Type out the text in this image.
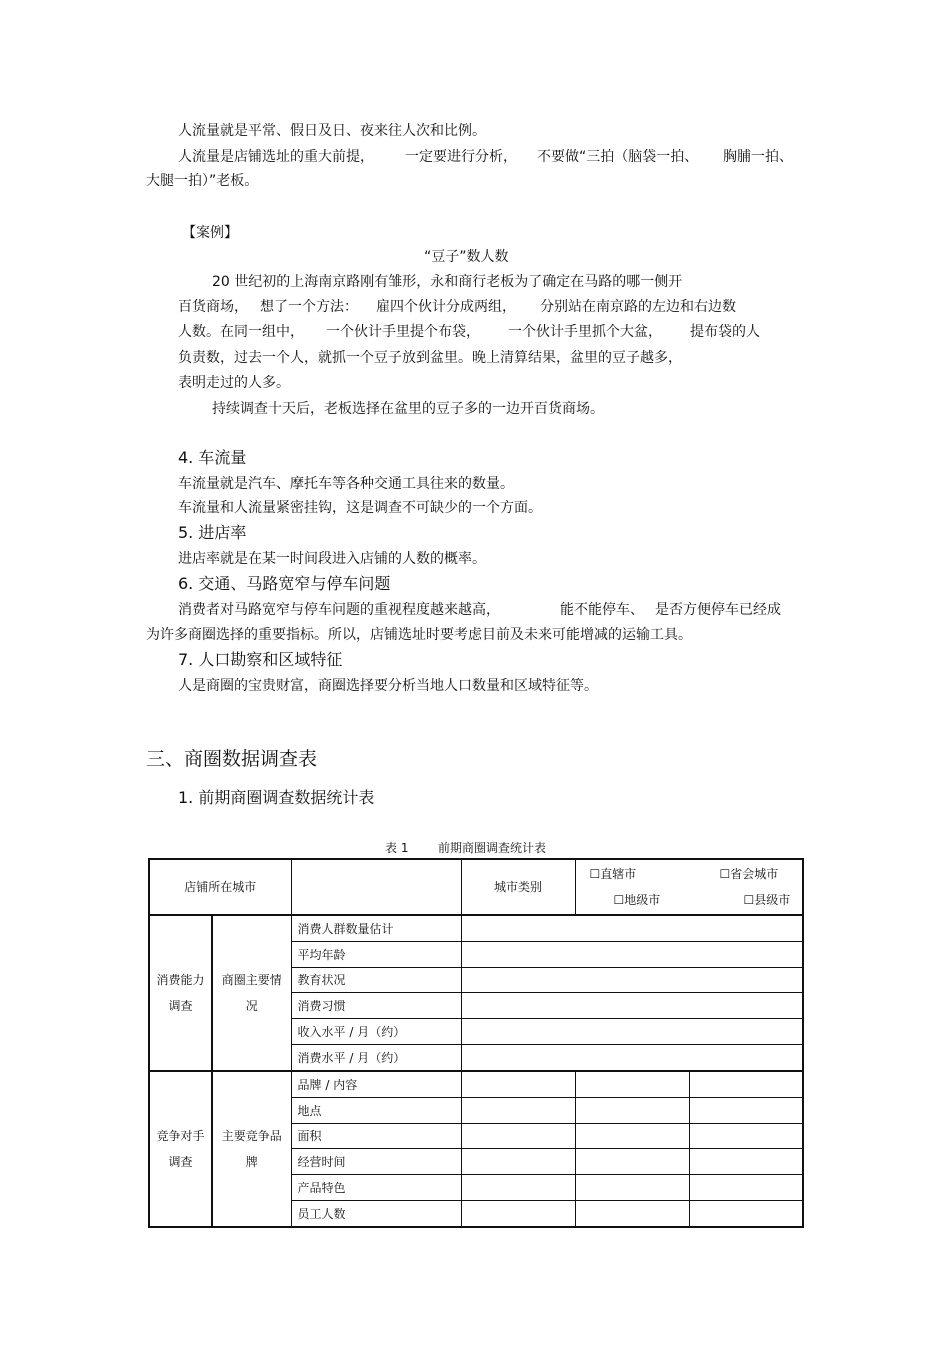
人流量就是平常、假日及日、夜来往人次和比例。
人流量是店铺选址的重大前提， 一定要进行分析， 不要做“三拍（脑袋一拍、 胸脯一拍、
大腿一拍）”老板。
【案例】
“豆子”数人数
20 世纪初的上海南京路刚有雏形，永和商行老板为了确定在马路的哪一侧开
百货商场， 想了一个方法： 雇四个伙计分成两组， 分别站在南京路的左边和右边数
人数。在同一组中， 一个伙计手里提个布袋， 一个伙计手里抓个大盆， 提布袋的人
负责数，过去一个人，就抓一个豆子放到盆里。晚上清算结果，盆里的豆子越多，
表明走过的人多。
持续调查十天后，老板选择在盆里的豆子多的一边开百货商场。
4. 车流量
车流量就是汽车、摩托车等各种交通工具往来的数量。
车流量和人流量紧密挂钩，这是调查不可缺少的一个方面。
5. 进店率
进店率就是在某一时间段进入店铺的人数的概率。
6. 交通、马路宽窄与停车问题
消费者对马路宽窄与停车问题的重视程度越来越高，	能不能停车、 是否方便停车已经成
为许多商圈选择的重要指标。所以，店铺选址时要考虑目前及未来可能增减的运输工具。
7. 人口勘察和区域特征
人是商圈的宝贵财富，商圈选择要分析当地人口数量和区域特征等。
三、商圈数据调查表
1. 前期商圈调查数据统计表
表 1 前期商圈调查统计表
店铺所在城市			城市类别	☐直辖市 ☐省会城市
☐地级市 ☐县级市	

消费能力调查	商圈主要情况	消费人群数量估计			
		平均年龄			
		教育状况			
		消费习惯			
		收入水平 / 月（约）			
		消费水平 / 月（约）			
竞争对手调查	主要竞争品牌	品牌 / 内容			
		地点			
		面积			
		经营时间			
		产品特色			
		员工人数			
